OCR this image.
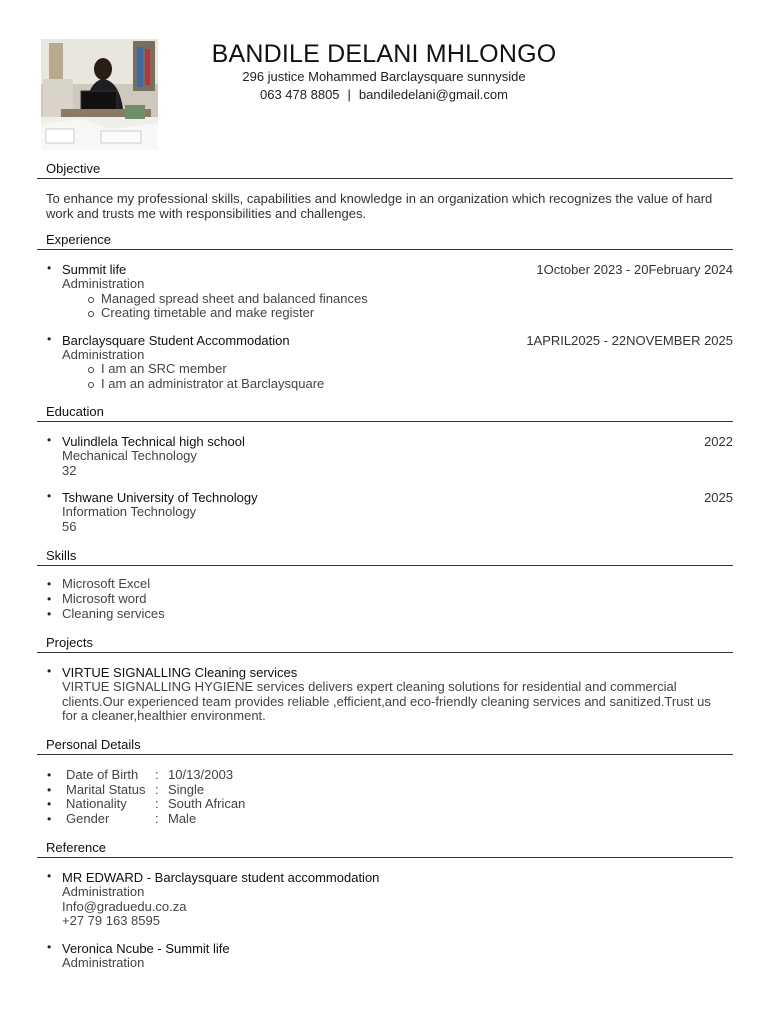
BANDILE DELANI MHLONGO
296 justice Mohammed Barclaysquare sunnyside
063 478 8805 | bandiledelani@gmail.com
Objective
To enhance my professional skills, capabilities and knowledge in an organization which recognizes the value of hard work and trusts me with responsibilities and challenges.
Experience
• Summit life	1October 2023 - 20February 2024
Administration
Managed spread sheet and balanced finances
Creating timetable and make register
• Barclaysquare Student Accommodation	1APRIL2025 - 22NOVEMBER 2025
Administration
I am an SRC member
I am an administrator at Barclaysquare
Education
• Vulindlela Technical high school	2022
Mechanical Technology
32
• Tshwane University of Technology	2025
Information Technology
56
Skills
• Microsoft Excel
• Microsoft word
• Cleaning services
Projects
• VIRTUE SIGNALLING Cleaning services
VIRTUE SIGNALLING HYGIENE services delivers expert cleaning solutions for residential and commercial clients.Our experienced team provides reliable ,efficient,and eco-friendly cleaning services and sanitized.Trust us for a cleaner,healthier environment.
Personal Details
• Date of Birth	: 10/13/2003
• Marital Status : Single
• Nationality	: South African
• Gender	: Male
Reference
• MR EDWARD - Barclaysquare student accommodation
Administration
Info@graduedu.co.za
+27 79 163 8595
• Veronica Ncube - Summit life
Administration
